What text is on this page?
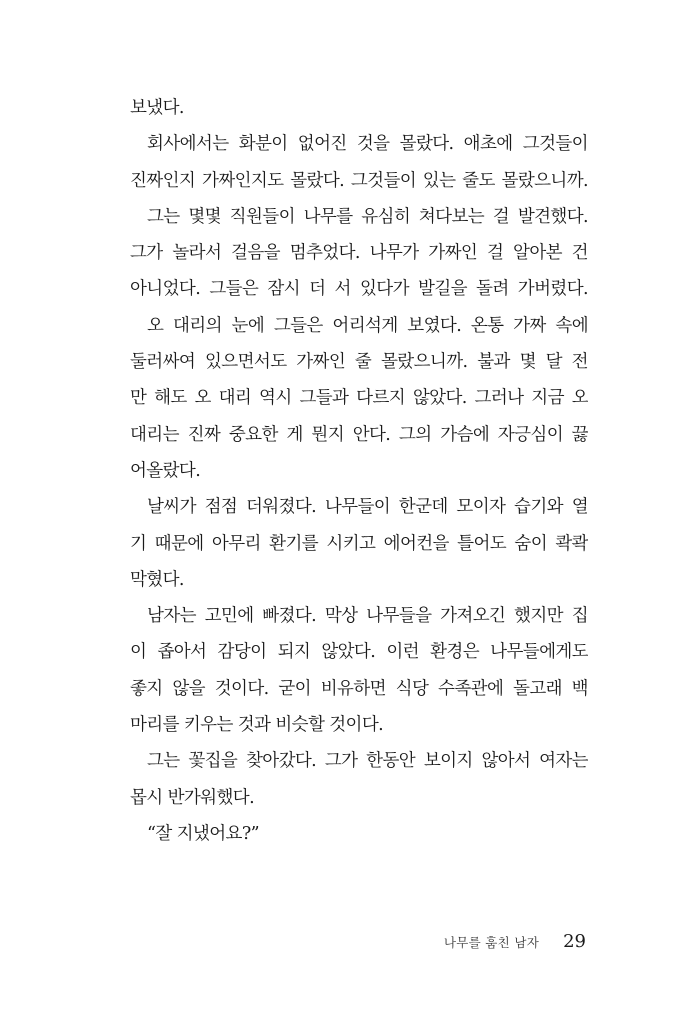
보냈다.
회사에서는 화분이 없어진 것을 몰랐다. 애초에 그것들이
진짜인지 가짜인지도 몰랐다. 그것들이 있는 줄도 몰랐으니까.
그는 몇몇 직원들이 나무를 유심히 쳐다보는 걸 발견했다.
그가 놀라서 걸음을 멈추었다. 나무가 가짜인 걸 알아본 건
아니었다. 그들은 잠시 더 서 있다가 발길을 돌려 가버렸다.
오 대리의 눈에 그들은 어리석게 보였다. 온통 가짜 속에
둘러싸여 있으면서도 가짜인 줄 몰랐으니까. 불과 몇 달 전
만 해도 오 대리 역시 그들과 다르지 않았다. 그러나 지금 오
대리는 진짜 중요한 게 뭔지 안다. 그의 가슴에 자긍심이 끓
어올랐다.
날씨가 점점 더워졌다. 나무들이 한군데 모이자 습기와 열
기 때문에 아무리 환기를 시키고 에어컨을 틀어도 숨이 콱콱
막혔다.
남자는 고민에 빠졌다. 막상 나무들을 가져오긴 했지만 집
이 좁아서 감당이 되지 않았다. 이런 환경은 나무들에게도
좋지 않을 것이다. 굳이 비유하면 식당 수족관에 돌고래 백
마리를 키우는 것과 비슷할 것이다.
그는 꽃집을 찾아갔다. 그가 한동안 보이지 않아서 여자는
몹시 반가워했다.
“잘 지냈어요?”
나무를 훔친 남자 29
